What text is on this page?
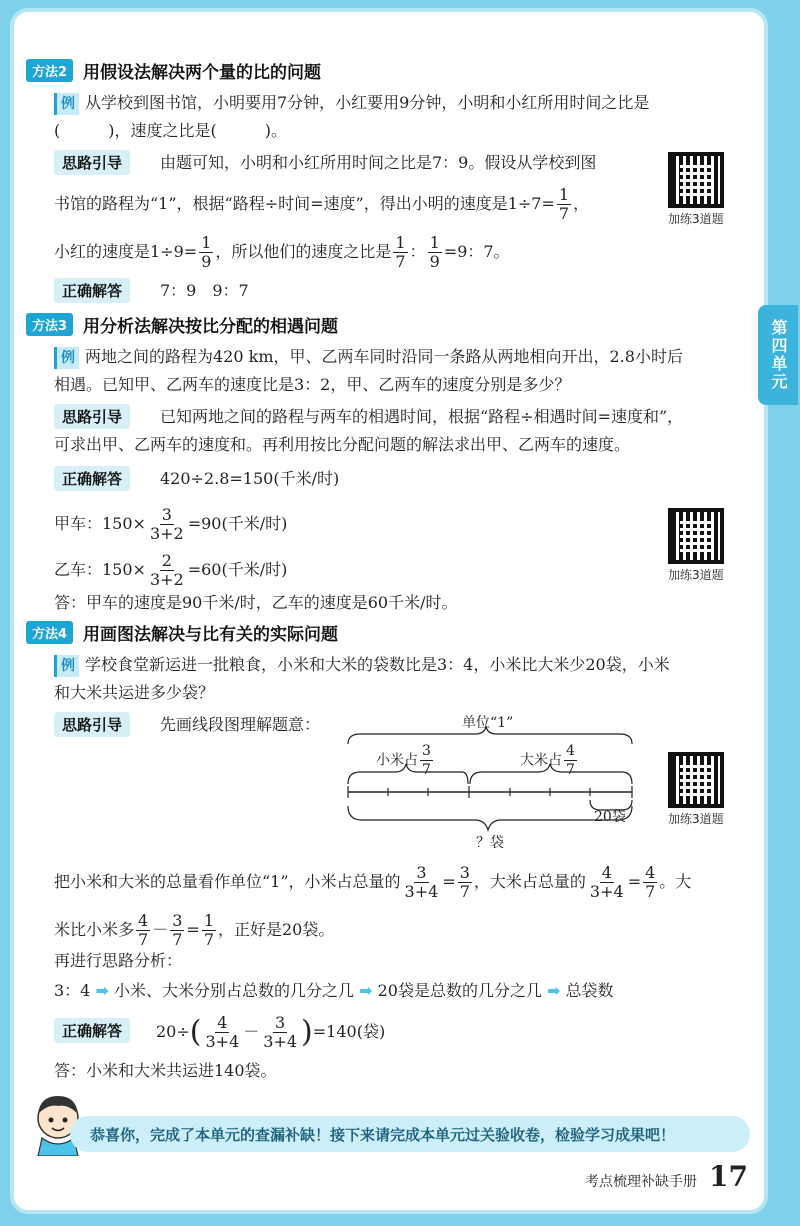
第四单元
方法2 用假设法解决两个量的比的问题
例 从学校到图书馆，小明要用7分钟，小红要用9分钟，小明和小红所用时间之比是
(　　　)，速度之比是(　　　)。
思路引导	由题可知，小明和小红所用时间之比是7：9。假设从学校到图
书馆的路程为“1”，根据“路程÷时间=速度”，得出小明的速度是$1\div 7= \frac{1}{7}$ ，
小红的速度是$1\div 9= \frac{1}{9}$ ，所以他们的速度之比是 $\frac{1}{7}$ ： $\frac{1}{9} =9$：7。
正确解答	7：9　9：7
加练3道题
方法3 用分析法解决按比分配的相遇问题
例 两地之间的路程为420 km，甲、乙两车同时沿同一条路从两地相向开出，2.8小时后
相遇。已知甲、乙两车的速度比是3：2，甲、乙两车的速度分别是多少？
思路引导	已知两地之间的路程与两车的相遇时间，根据“路程÷相遇时间=速度和”，
可求出甲、乙两车的速度和。再利用按比分配问题的解法求出甲、乙两车的速度。
正确解答	420÷2.8=150(千米/时)
甲车：$150\times \frac{3}{3+2} =90$(千米/时)
乙车：$150\times \frac{2}{3+2} =60$(千米/时)
答：甲车的速度是90千米/时，乙车的速度是60千米/时。
加练3道题
方法4 用画图法解决与比有关的实际问题
例 学校食堂新运进一批粮食，小米和大米的袋数比是3：4，小米比大米少20袋，小米
和大米共运进多少袋？
思路引导	先画线段图理解题意：	单位“1”
小米占 $\frac{3}{7}$	大米占 $\frac{4}{7}$
20袋
？袋
加练3道题
把小米和大米的总量看作单位“1”，小米占总量的 $\frac{3}{3+4} = \frac{3}{7}$ ，大米占总量的 $\frac{4}{3+4} = \frac{4}{7}$ 。大
米比小米多 $\frac{4}{7} - \frac{3}{7} = \frac{1}{7}$ ，正好是20袋。
再进行思路分析：
3：4 ➡ 小米、大米分别占总数的几分之几 ➡ 20袋是总数的几分之几 ➡ 总袋数
正确解答	$20\div( \frac{4}{3+4} - \frac{3}{3+4} )=140$(袋)
答：小米和大米共运进140袋。
恭喜你，完成了本单元的查漏补缺！接下来请完成本单元过关验收卷，检验学习成果吧！
考点梳理补缺手册 17
